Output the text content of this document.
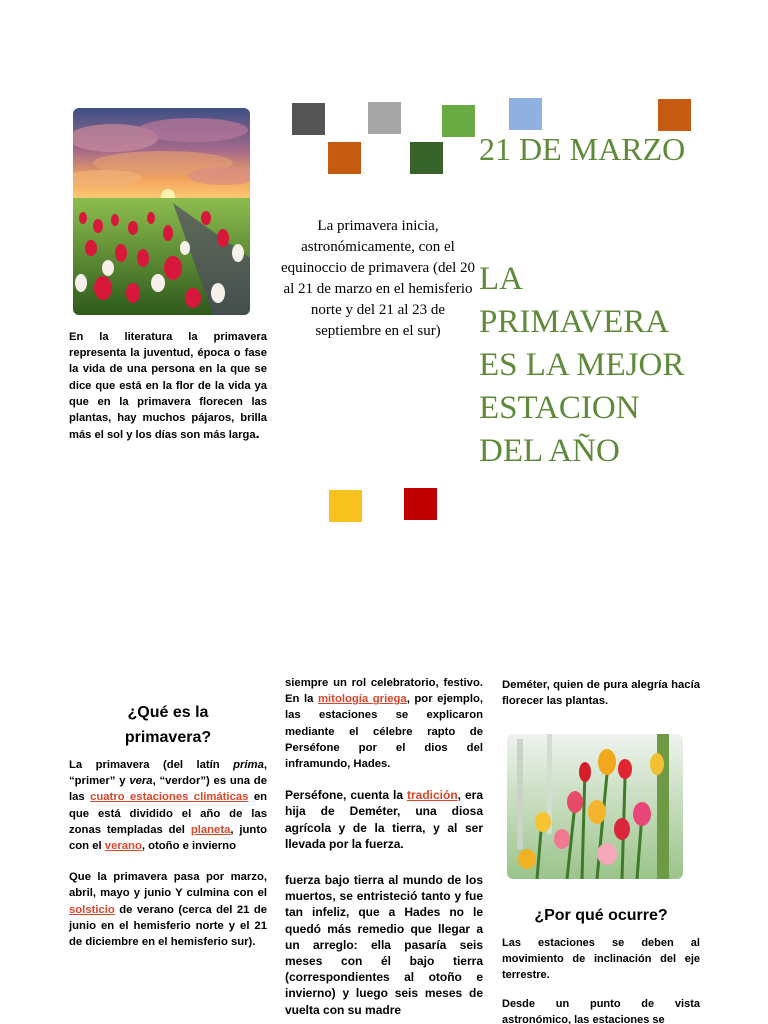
21 DE MARZO
LA
PRIMAVERA
ES LA MEJOR
ESTACION
DEL AÑO
La primavera inicia, astronómicamente, con el equinoccio de primavera (del 20 al 21 de marzo en el hemisferio norte y del 21 al 23 de septiembre en el sur)
En la literatura la primavera representa la juventud, época o fase la vida de una persona en la que se dice que está en la flor de la vida ya que en la primavera florecen las plantas, hay muchos pájaros, brilla más el sol y los días son más larga.
¿Qué es la primavera?

La primavera (del latín prima, “primer” y vera, “verdor”) es una de las cuatro estaciones climáticas en que está dividido el año de las zonas templadas del planeta, junto con el verano, otoño e invierno

Que la primavera pasa por marzo, abril, mayo y junio Y culmina con el solsticio de verano (cerca del 21 de junio en el hemisferio norte y el 21 de diciembre en el hemisferio sur).

siempre un rol celebratorio, festivo. En la mitología griega, por ejemplo, las estaciones se explicaron mediante el célebre rapto de Perséfone por el dios del inframundo, Hades.

Perséfone, cuenta la tradición, era hija de Deméter, una diosa agrícola y de la tierra, y al ser llevada por la fuerza.

fuerza bajo tierra al mundo de los muertos, se entristeció tanto y fue tan infeliz, que a Hades no le quedó más remedio que llegar a un arreglo: ella pasaría seis meses con él bajo tierra (correspondientes al otoño e invierno) y luego seis meses de vuelta con su madre

Deméter, quien de pura alegría hacía florecer las plantas.
¿Por qué ocurre?

Las estaciones se deben al movimiento de inclinación del eje terrestre.

Desde un punto de vista astronómico, las estaciones se
